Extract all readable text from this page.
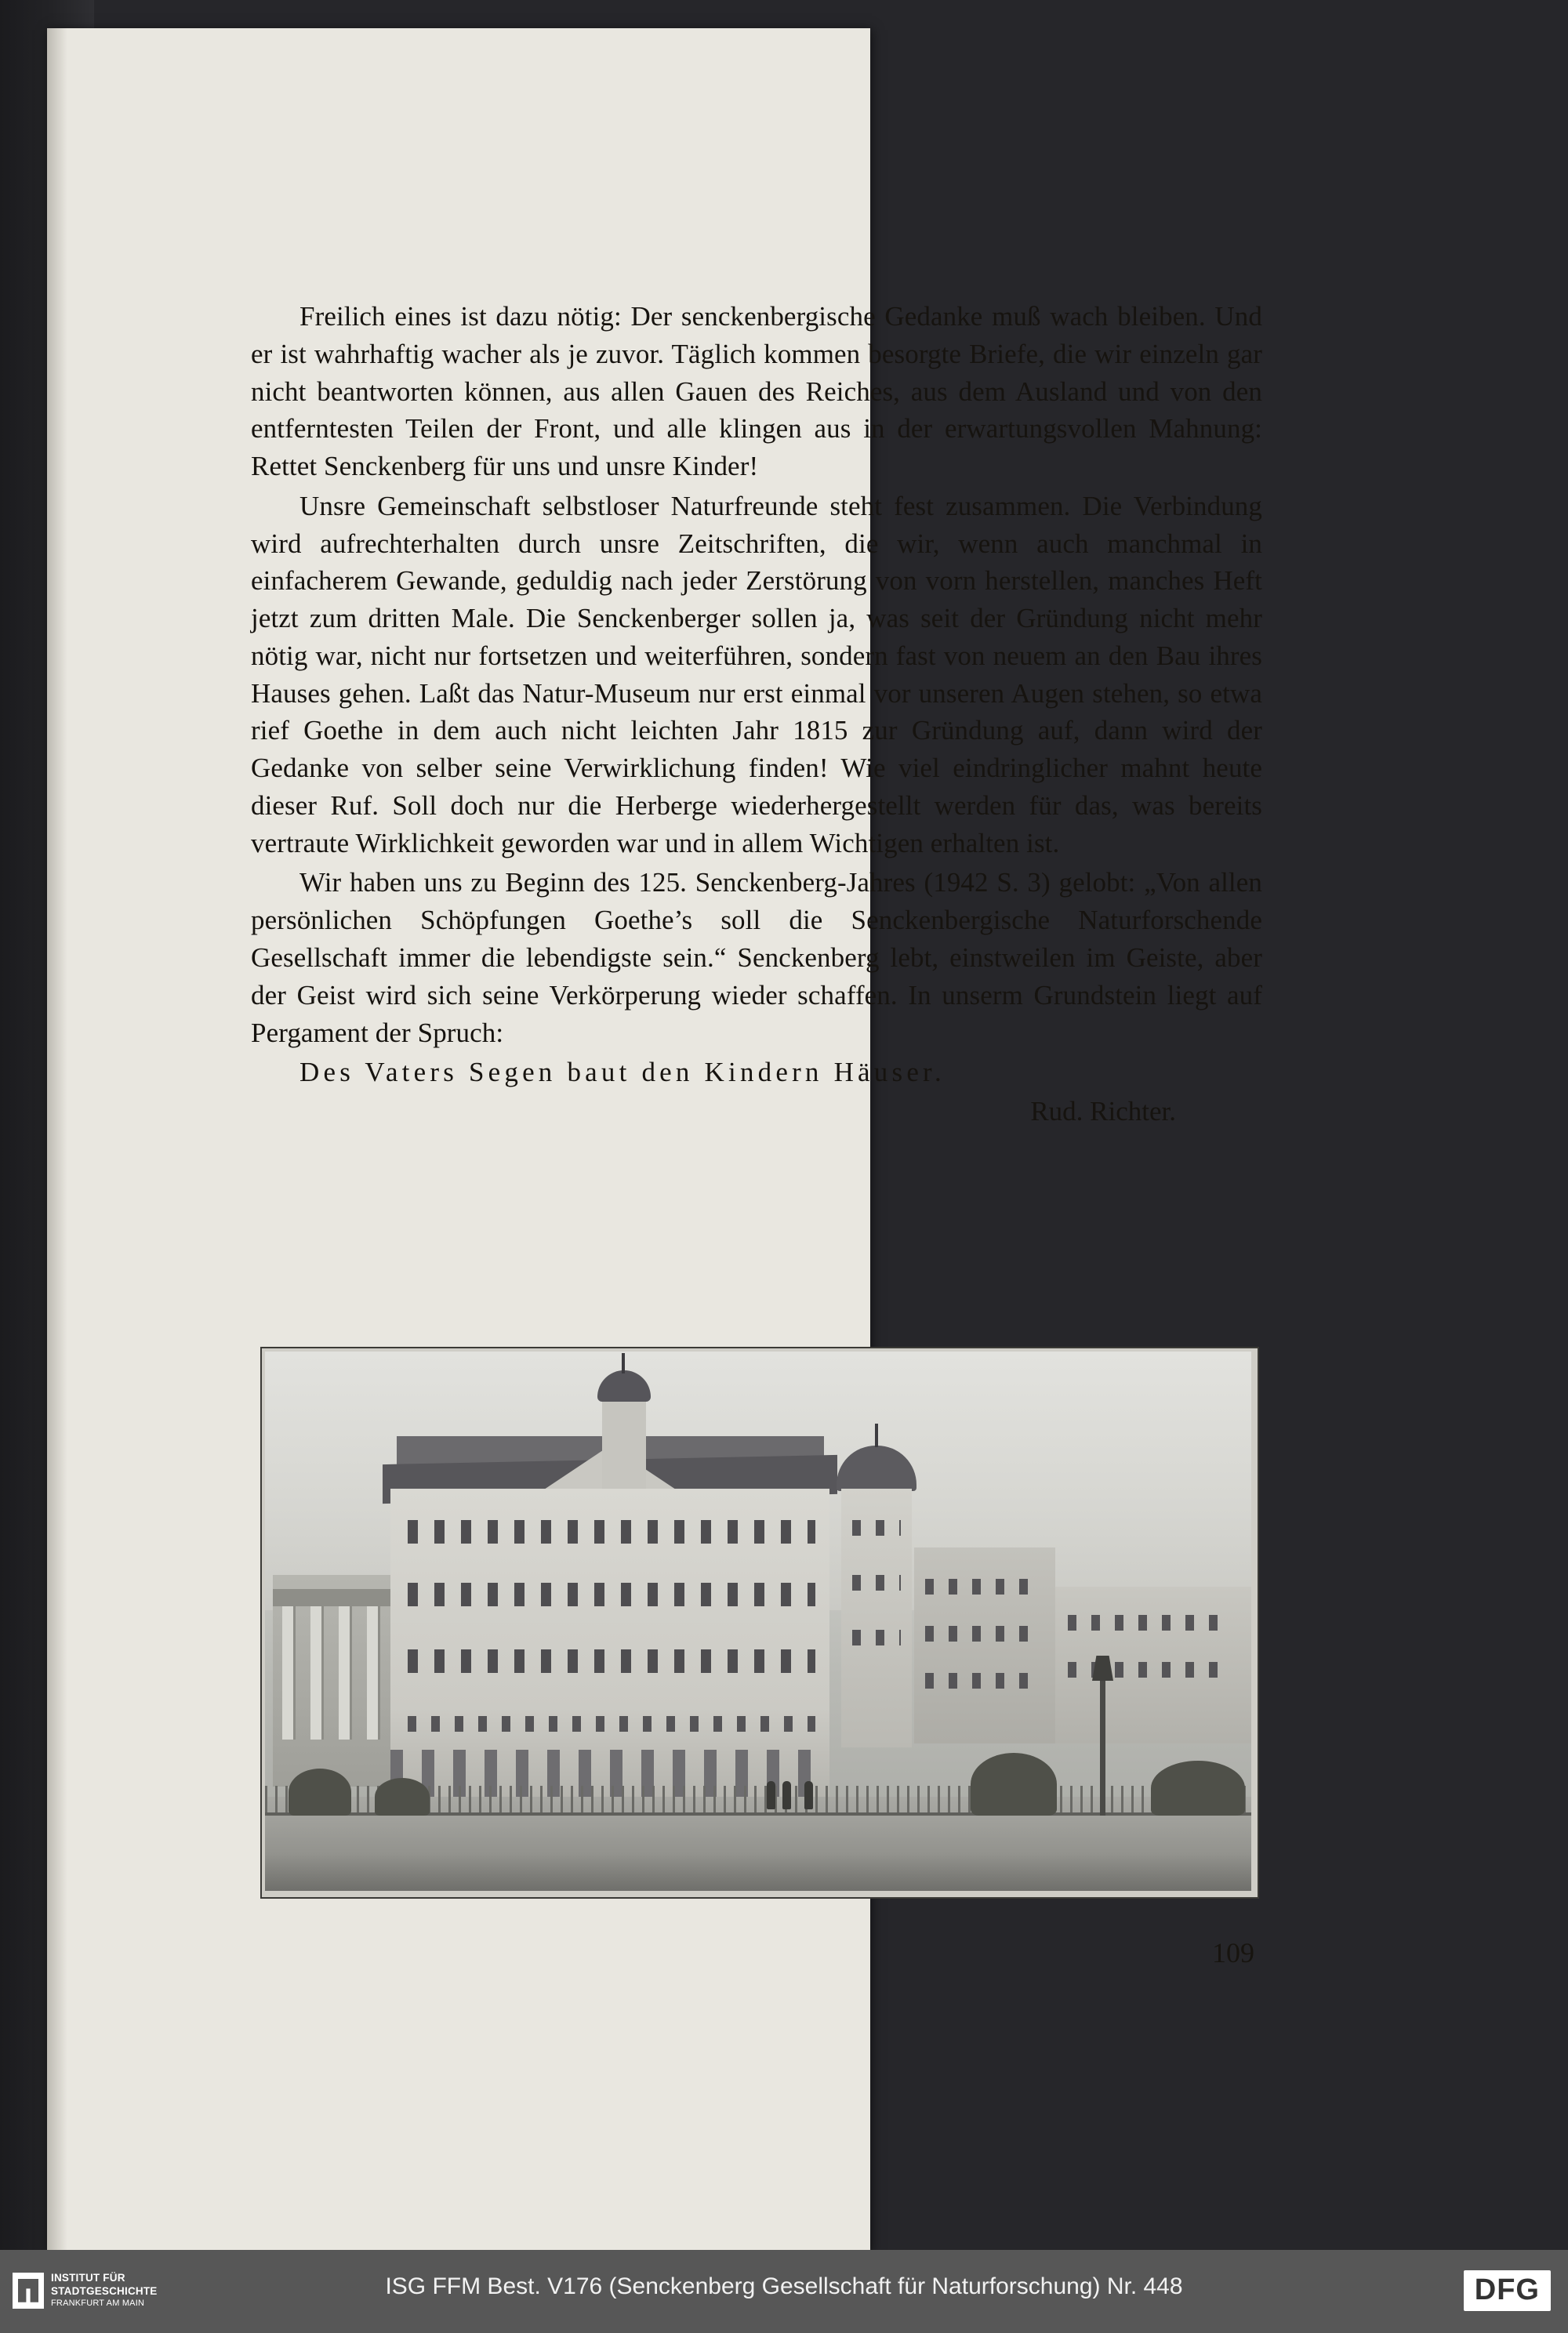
Freilich eines ist dazu nötig: Der senckenbergische Gedanke muß wach bleiben. Und er ist wahrhaftig wacher als je zuvor. Täglich kommen besorgte Briefe, die wir einzeln gar nicht beantworten können, aus allen Gauen des Reiches, aus dem Ausland und von den entferntesten Teilen der Front, und alle klingen aus in der erwartungsvollen Mahnung: Rettet Senckenberg für uns und unsre Kinder!

Unsre Gemeinschaft selbstloser Naturfreunde steht fest zusammen. Die Verbindung wird aufrechterhalten durch unsre Zeitschriften, die wir, wenn auch manchmal in einfacherem Gewande, geduldig nach jeder Zerstörung von vorn herstellen, manches Heft jetzt zum dritten Male. Die Senckenberger sollen ja, was seit der Gründung nicht mehr nötig war, nicht nur fortsetzen und weiterführen, sondern fast von neuem an den Bau ihres Hauses gehen. Laßt das Natur-Museum nur erst einmal vor unseren Augen stehen, so etwa rief Goethe in dem auch nicht leichten Jahr 1815 zur Gründung auf, dann wird der Gedanke von selber seine Verwirklichung finden! Wie viel eindringlicher mahnt heute dieser Ruf. Soll doch nur die Herberge wiederhergestellt werden für das, was bereits vertraute Wirklichkeit geworden war und in allem Wichtigen erhalten ist.

Wir haben uns zu Beginn des 125. Senckenberg-Jahres (1942 S. 3) gelobt: „Von allen persönlichen Schöpfungen Goethe’s soll die Senckenbergische Naturforschende Gesellschaft immer die lebendigste sein.“ Senckenberg lebt, einstweilen im Geiste, aber der Geist wird sich seine Verkörperung wieder schaffen. In unserm Grundstein liegt auf Pergament der Spruch:

Des Vaters Segen baut den Kindern Häuser.
Rud. Richter.
109
ISG FFM Best. V176 (Senckenberg Gesellschaft für Naturforschung) Nr. 448
INSTITUT FÜR
STADTGESCHICHTE
FRANKFURT AM MAIN	DFG
